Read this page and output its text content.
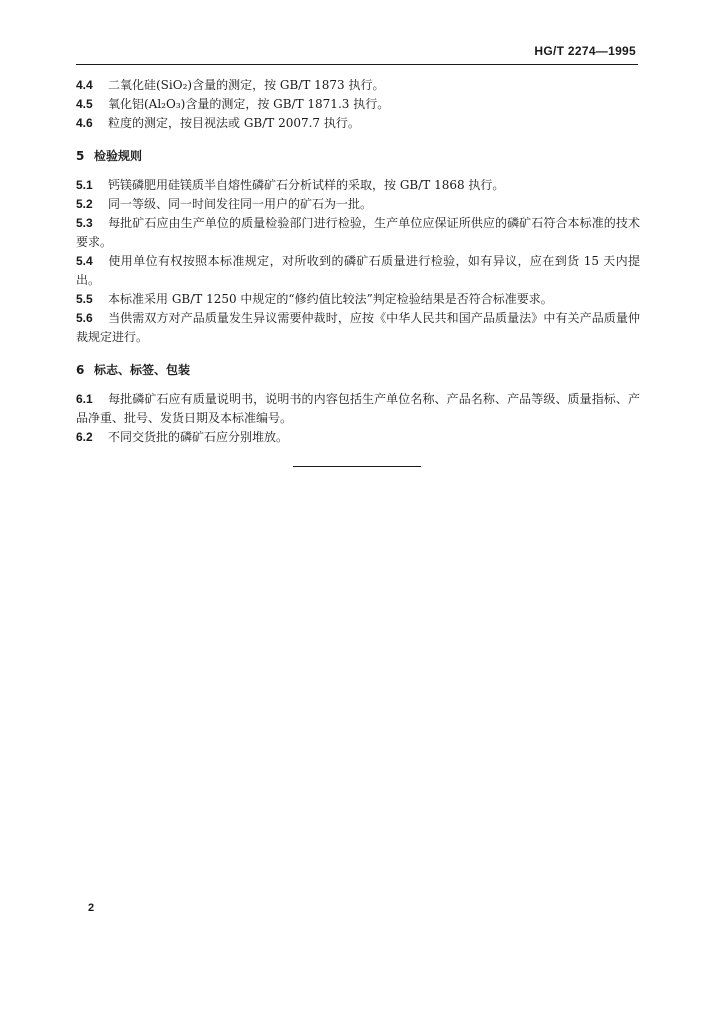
HG/T 2274—1995

4.4 二氧化硅(SiO₂)含量的测定，按 GB/T 1873 执行。

4.5 氧化铝(Al₂O₃)含量的测定，按 GB/T 1871.3 执行。

4.6 粒度的测定，按目视法或 GB/T 2007.7 执行。

5 检验规则

5.1 钙镁磷肥用硅镁质半自熔性磷矿石分析试样的采取，按 GB/T 1868 执行。

5.2 同一等级、同一时间发往同一用户的矿石为一批。

5.3 每批矿石应由生产单位的质量检验部门进行检验，生产单位应保证所供应的磷矿石符合本标准的技术要求。

5.4 使用单位有权按照本标准规定，对所收到的磷矿石质量进行检验，如有异议，应在到货 15 天内提出。

5.5 本标准采用 GB/T 1250 中规定的“修约值比较法”判定检验结果是否符合标准要求。

5.6 当供需双方对产品质量发生异议需要仲裁时，应按《中华人民共和国产品质量法》中有关产品质量仲裁规定进行。

6 标志、标签、包装

6.1 每批磷矿石应有质量说明书，说明书的内容包括生产单位名称、产品名称、产品等级、质量指标、产品净重、批号、发货日期及本标准编号。

6.2 不同交货批的磷矿石应分别堆放。

2
